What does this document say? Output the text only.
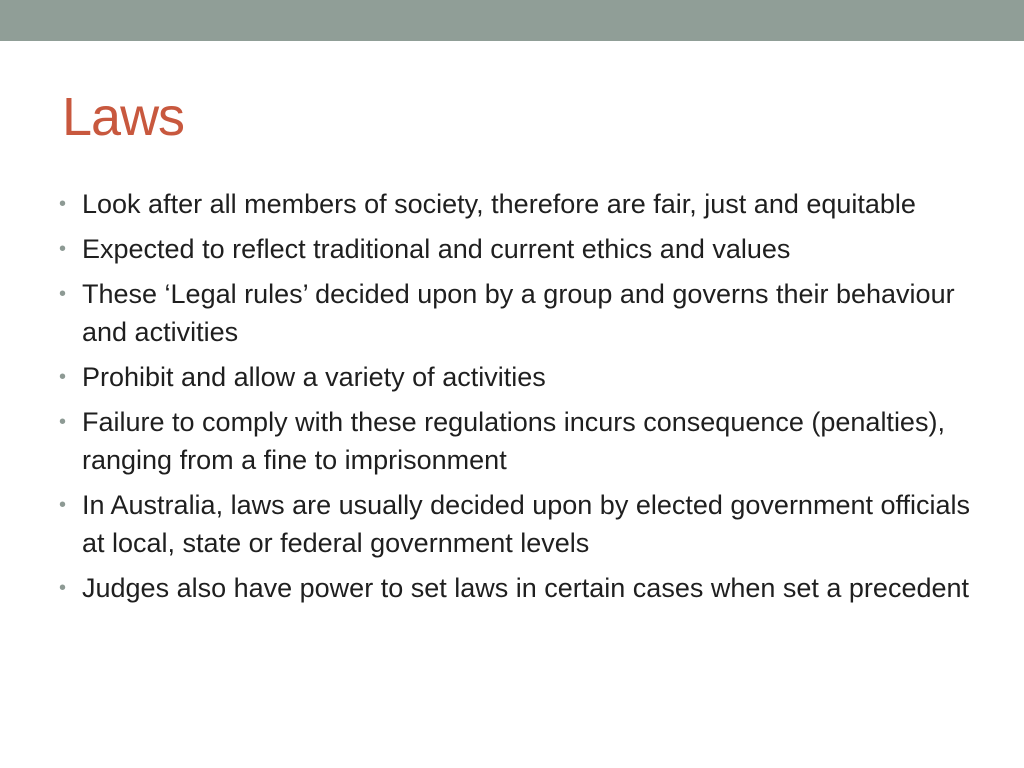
Laws
• Look after all members of society, therefore are fair, just and equitable
• Expected to reflect traditional and current ethics and values
• These ‘Legal rules’ decided upon by a group and governs their behaviour and activities
• Prohibit and allow a variety of activities
• Failure to comply with these regulations incurs consequence (penalties), ranging from a fine to imprisonment
• In Australia, laws are usually decided upon by elected government officials at local, state or federal government levels
• Judges also have power to set laws in certain cases when set a precedent
